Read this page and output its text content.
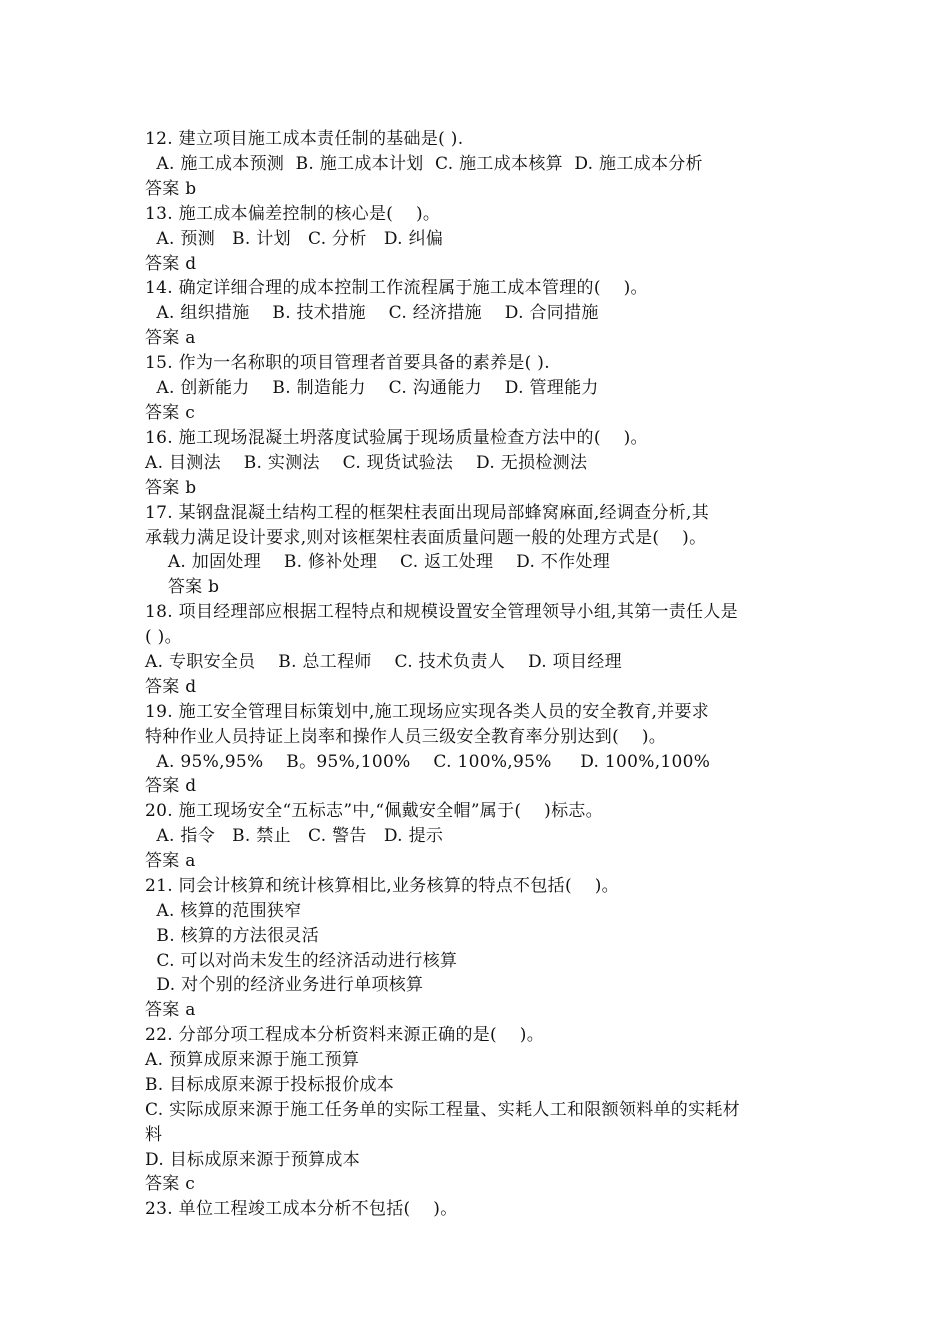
12. 建立项目施工成本责任制的基础是( ).
A. 施工成本预测  B. 施工成本计划  C. 施工成本核算  D. 施工成本分析
答案 b
13. 施工成本偏差控制的核心是(    )。
A. 预测   B. 计划   C. 分析   D. 纠偏
答案 d
14. 确定详细合理的成本控制工作流程属于施工成本管理的(    )。
A. 组织措施    B. 技术措施    C. 经济措施    D. 合同措施
答案 a
15. 作为一名称职的项目管理者首要具备的素养是( ).
A. 创新能力    B. 制造能力    C. 沟通能力    D. 管理能力
答案 c
16. 施工现场混凝土坍落度试验属于现场质量检查方法中的(    )。
A. 目测法    B. 实测法    C. 现货试验法    D. 无损检测法
答案 b
17. 某钢盘混凝土结构工程的框架柱表面出现局部蜂窝麻面,经调查分析,其
承载力满足设计要求,则对该框架柱表面质量问题一般的处理方式是(    )。
A. 加固处理    B. 修补处理    C. 返工处理    D. 不作处理
答案 b
18. 项目经理部应根据工程特点和规模设置安全管理领导小组,其第一责任人是
( )。
A. 专职安全员    B. 总工程师    C. 技术负责人    D. 项目经理
答案 d
19. 施工安全管理目标策划中,施工现场应实现各类人员的安全教育,并要求
特种作业人员持证上岗率和操作人员三级安全教育率分别达到(    )。
A. 95%,95%    B。95%,100%    C. 100%,95%     D. 100%,100%
答案 d
20. 施工现场安全“五标志”中,“佩戴安全帽”属于(    )标志。
A. 指令   B. 禁止   C. 警告   D. 提示
答案 a
21. 同会计核算和统计核算相比,业务核算的特点不包括(    )。
A. 核算的范围狭窄
B. 核算的方法很灵活
C. 可以对尚未发生的经济活动进行核算
D. 对个别的经济业务进行单项核算
答案 a
22. 分部分项工程成本分析资料来源正确的是(    )。
A. 预算成原来源于施工预算
B. 目标成原来源于投标报价成本
C. 实际成原来源于施工任务单的实际工程量、实耗人工和限额领料单的实耗材
料
D. 目标成原来源于预算成本
答案 c
23. 单位工程竣工成本分析不包括(    )。
